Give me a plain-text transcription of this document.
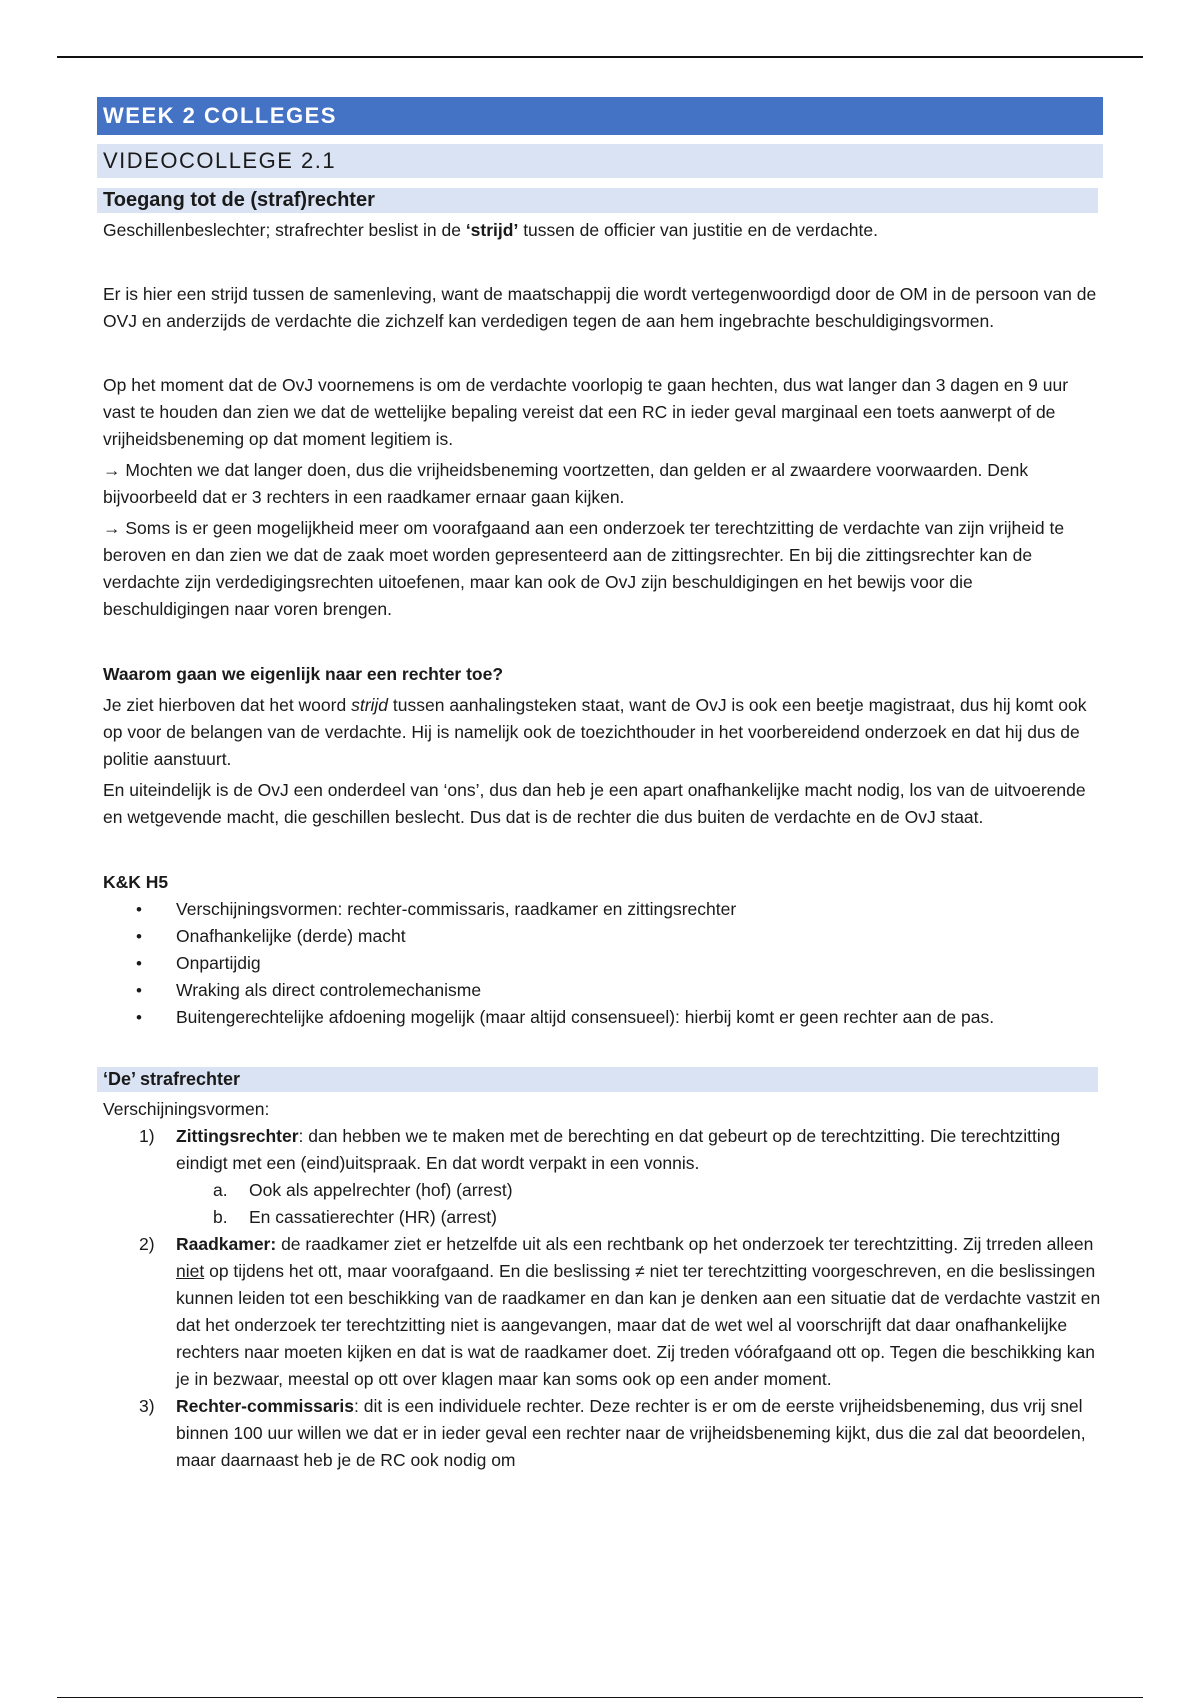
WEEK 2 COLLEGES
VIDEOCOLLEGE 2.1
Toegang tot de (straf)rechter

Geschillenbeslechter; strafrechter beslist in de ‘strijd’ tussen de officier van justitie en de verdachte.

Er is hier een strijd tussen de samenleving, want de maatschappij die wordt vertegenwoordigd door de OM in de persoon van de OVJ en anderzijds de verdachte die zichzelf kan verdedigen tegen de aan hem ingebrachte beschuldigingsvormen.

Op het moment dat de OvJ voornemens is om de verdachte voorlopig te gaan hechten, dus wat langer dan 3 dagen en 9 uur vast te houden dan zien we dat de wettelijke bepaling vereist dat een RC in ieder geval marginaal een toets aanwerpt of de vrijheidsbeneming op dat moment legitiem is.

→ Mochten we dat langer doen, dus die vrijheidsbeneming voortzetten, dan gelden er al zwaardere voorwaarden. Denk bijvoorbeeld dat er 3 rechters in een raadkamer ernaar gaan kijken.

→ Soms is er geen mogelijkheid meer om voorafgaand aan een onderzoek ter terechtzitting de verdachte van zijn vrijheid te beroven en dan zien we dat de zaak moet worden gepresenteerd aan de zittingsrechter. En bij die zittingsrechter kan de verdachte zijn verdedigingsrechten uitoefenen, maar kan ook de OvJ zijn beschuldigingen en het bewijs voor die beschuldigingen naar voren brengen.

Waarom gaan we eigenlijk naar een rechter toe?

Je ziet hierboven dat het woord strijd tussen aanhalingsteken staat, want de OvJ is ook een beetje magistraat, dus hij komt ook op voor de belangen van de verdachte. Hij is namelijk ook de toezichthouder in het voorbereidend onderzoek en dat hij dus de politie aanstuurt.

En uiteindelijk is de OvJ een onderdeel van ‘ons’, dus dan heb je een apart onafhankelijke macht nodig, los van de uitvoerende en wetgevende macht, die geschillen beslecht. Dus dat is de rechter die dus buiten de verdachte en de OvJ staat.

K&K H5
• Verschijningsvormen: rechter-commissaris, raadkamer en zittingsrechter
• Onafhankelijke (derde) macht
• Onpartijdig
• Wraking als direct controlemechanisme
• Buitengerechtelijke afdoening mogelijk (maar altijd consensueel): hierbij komt er geen rechter aan de pas.
‘De’ strafrechter

Verschijningsvormen:

1) Zittingsrechter: dan hebben we te maken met de berechting en dat gebeurt op de terechtzitting. Die terechtzitting eindigt met een (eind)uitspraak. En dat wordt verpakt in een vonnis.
a. Ook als appelrechter (hof) (arrest)
b. En cassatierechter (HR) (arrest)
2) Raadkamer: de raadkamer ziet er hetzelfde uit als een rechtbank op het onderzoek ter terechtzitting. Zij trreden alleen niet op tijdens het ott, maar voorafgaand. En die beslissing ≠ niet ter terechtzitting voorgeschreven, en die beslissingen kunnen leiden tot een beschikking van de raadkamer en dan kan je denken aan een situatie dat de verdachte vastzit en dat het onderzoek ter terechtzitting niet is aangevangen, maar dat de wet wel al voorschrijft dat daar onafhankelijke rechters naar moeten kijken en dat is wat de raadkamer doet. Zij treden vóórafgaand ott op. Tegen die beschikking kan je in bezwaar, meestal op ott over klagen maar kan soms ook op een ander moment.
3) Rechter-commissaris: dit is een individuele rechter. Deze rechter is er om de eerste vrijheidsbeneming, dus vrij snel binnen 100 uur willen we dat er in ieder geval een rechter naar de vrijheidsbeneming kijkt, dus die zal dat beoordelen, maar daarnaast heb je de RC ook nodig om
